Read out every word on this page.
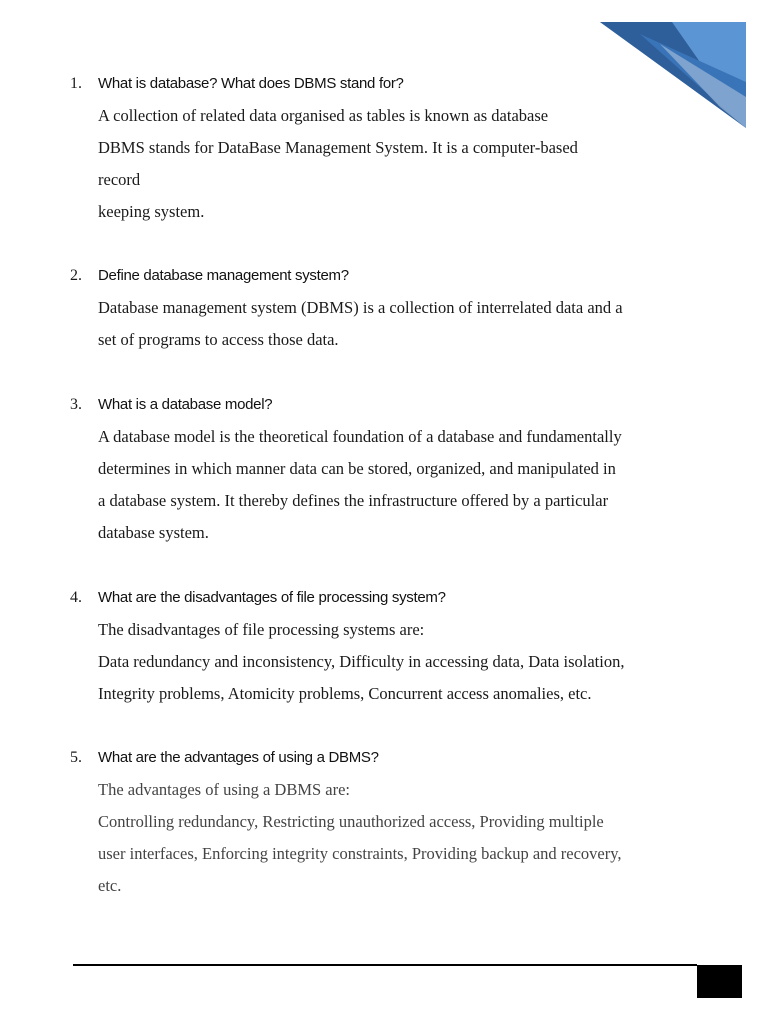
1.	What is database? What does DBMS stand for?
A collection of related data organised as tables is known as database
DBMS stands for DataBase Management System. It is a computer-based
record
keeping system.
2.	Define database management system?
Database management system (DBMS) is a collection of interrelated data and a
set of programs to access those data.
3.	What is a database model?
A database model is the theoretical foundation of a database and fundamentally
determines in which manner data can be stored, organized, and manipulated in
a database system. It thereby defines the infrastructure offered by a particular
database system.
4.	What are the disadvantages of file processing system?
The disadvantages of file processing systems are:
Data redundancy and inconsistency, Difficulty in accessing data, Data isolation,
Integrity problems, Atomicity problems, Concurrent access anomalies, etc.
5.	What are the advantages of using a DBMS?
The advantages of using a DBMS are:
Controlling redundancy, Restricting unauthorized access, Providing multiple
user interfaces, Enforcing integrity constraints, Providing backup and recovery,
etc.
